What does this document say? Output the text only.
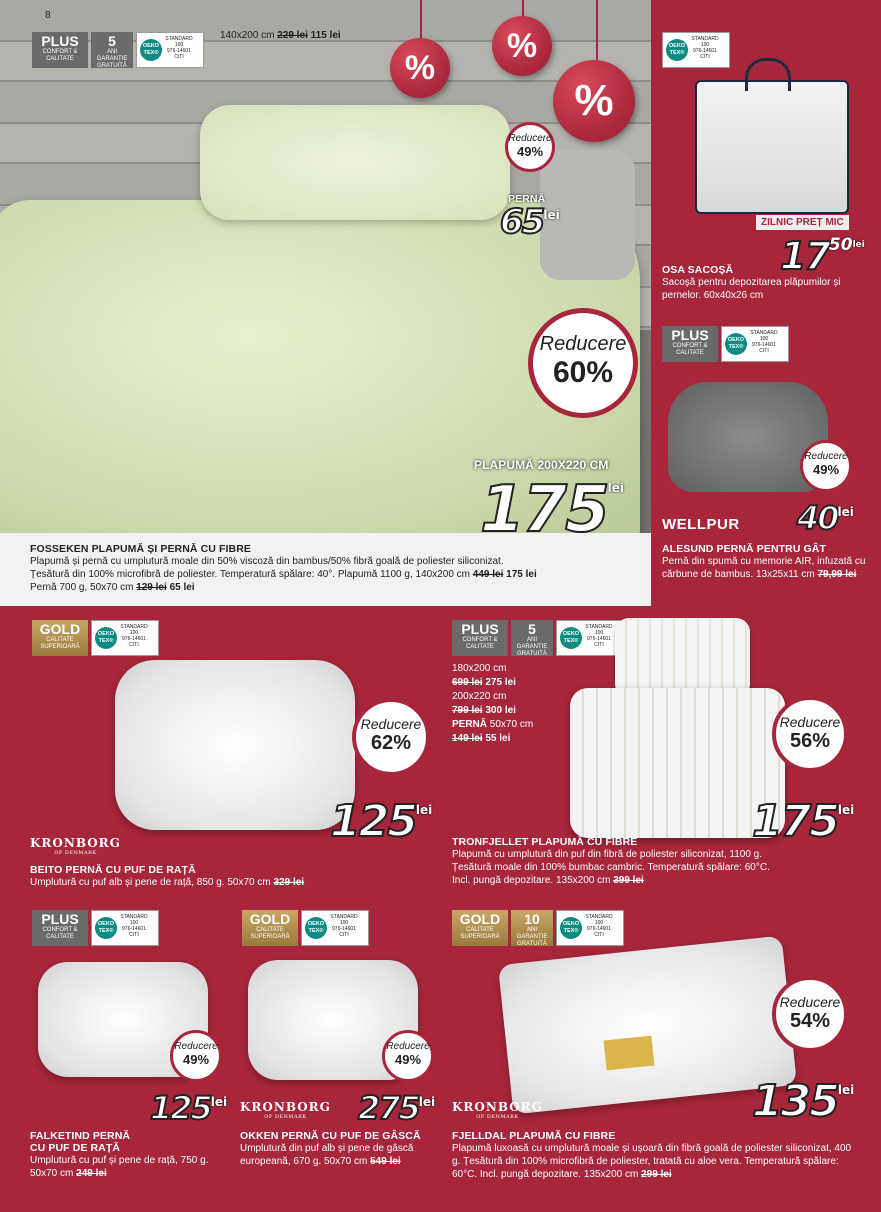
8
PLUS
CONFORT & CALITATE
5
ANI GARANȚIE GRATUITĂ
OEKO TEX®
STANDARD 100
976-14601 CITI
140x200 cm 229 lei 115 lei
%
%
%
Reducere
49%
PERNĂ
$65^{lei}$
Reducere
60%
PLAPUMĂ 200X220 CM
$175^{lei}$
FOSSEKEN PLAPUMĂ ȘI PERNĂ CU FIBRE
Plapumă și pernă cu umplutură moale din 50% viscoză din bambus/50% fibră goală de poliester siliconizat.
Țesătură din 100% microfibră de poliester. Temperatură spălare: 40°. Plapumă 1100 g, 140x200 cm 449 lei 175 lei
Pernă 700 g, 50x70 cm 129 lei 65 lei
OEKO TEX®
STANDARD 100
976-14601 CITI
ZILNIC PREȚ MIC
$17^{50lei}$
OSA SACOȘĂ
Sacoșă pentru depozitarea plăpumilor și pernelor. 60x40x26 cm
PLUS
CONFORT & CALITATE
OEKO TEX®
STANDARD 100
976-14601 CITI
Reducere
49%
WELLPUR $40^{lei}$
ALESUND PERNĂ PENTRU GÂT
Pernă din spumă cu memorie AIR, infuzată cu cărbune de bambus. 13x25x11 cm 79,99 lei
GOLD
CALITATE SUPERIOARĂ
OEKO TEX®
STANDARD 100
976-14601 CITI
Reducere
62%
$125^{lei}$
KRONBORG
OF DENMARK
BEITO PERNĂ CU PUF DE RAȚĂ
Umplutură cu puf alb și pene de rață, 850 g. 50x70 cm 329 lei
PLUS
CONFORT & CALITATE
5
ANI GARANȚIE GRATUITĂ
OEKO TEX®
STANDARD 100
976-14601 CITI
180x200 cm
699 lei 275 lei
200x220 cm
799 lei 300 lei
PERNĂ 50x70 cm
149 lei 55 lei
Reducere
56%
$175^{lei}$
TRONFJELLET PLAPUMĂ CU FIBRE
Plapumă cu umplutură din puf din fibră de poliester siliconizat, 1100 g. Țesătură moale din 100% bumbac cambric. Temperatură spălare: 60°C. Incl. pungă depozitare. 135x200 cm 399 lei
PLUS
CONFORT & CALITATE
OEKO TEX®
STANDARD 100
976-14601 CITI
Reducere
49%
$125^{lei}$
FALKETIND PERNĂ
CU PUF DE RAȚĂ
Umplutură cu puf și pene de rață, 750 g. 50x70 cm 249 lei
GOLD
CALITATE SUPERIOARĂ
OEKO TEX®
STANDARD 100
976-14601 CITI
Reducere
49%
KRONBORG
OF DENMARK	$275^{lei}$
OKKEN PERNĂ CU PUF DE GÂSCĂ
Umplutură din puf alb și pene de gâscă europeană, 670 g. 50x70 cm 549 lei
GOLD
CALITATE SUPERIOARĂ
10
ANI GARANȚIE GRATUITĂ
OEKO TEX®
STANDARD 100
976-14601 CITI
Reducere
54%
KRONBORG
OF DENMARK	$135^{lei}$
FJELLDAL PLAPUMĂ CU FIBRE
Plapumă luxoasă cu umplutură moale și ușoară din fibră goală de poliester siliconizat, 400 g. Țesătură din 100% microfibră de poliester, tratată cu aloe vera. Temperatură spălare: 60°C. Incl. pungă depozitare. 135x200 cm 299 lei
